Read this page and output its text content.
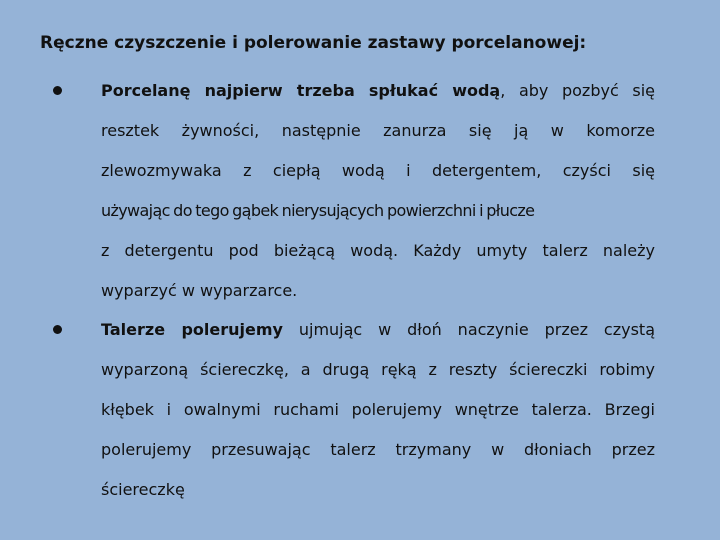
Ręczne czyszczenie i polerowanie zastawy porcelanowej:
Porcelanę najpierw trzeba spłukać wodą, aby pozbyć się
resztek żywności, następnie zanurza się ją w komorze
zlewozmywaka z ciepłą wodą i detergentem, czyści się
używając do tego gąbek nierysujących powierzchni i płucze
z detergentu pod bieżącą wodą. Każdy umyty talerz należy
wyparzyć w wyparzarce.
Talerze polerujemy ujmując w dłoń naczynie przez czystą
wyparzoną ściereczkę, a drugą ręką z reszty ściereczki robimy
kłębek i owalnymi ruchami polerujemy wnętrze talerza. Brzegi
polerujemy przesuwając talerz trzymany w dłoniach przez
ściereczkę
